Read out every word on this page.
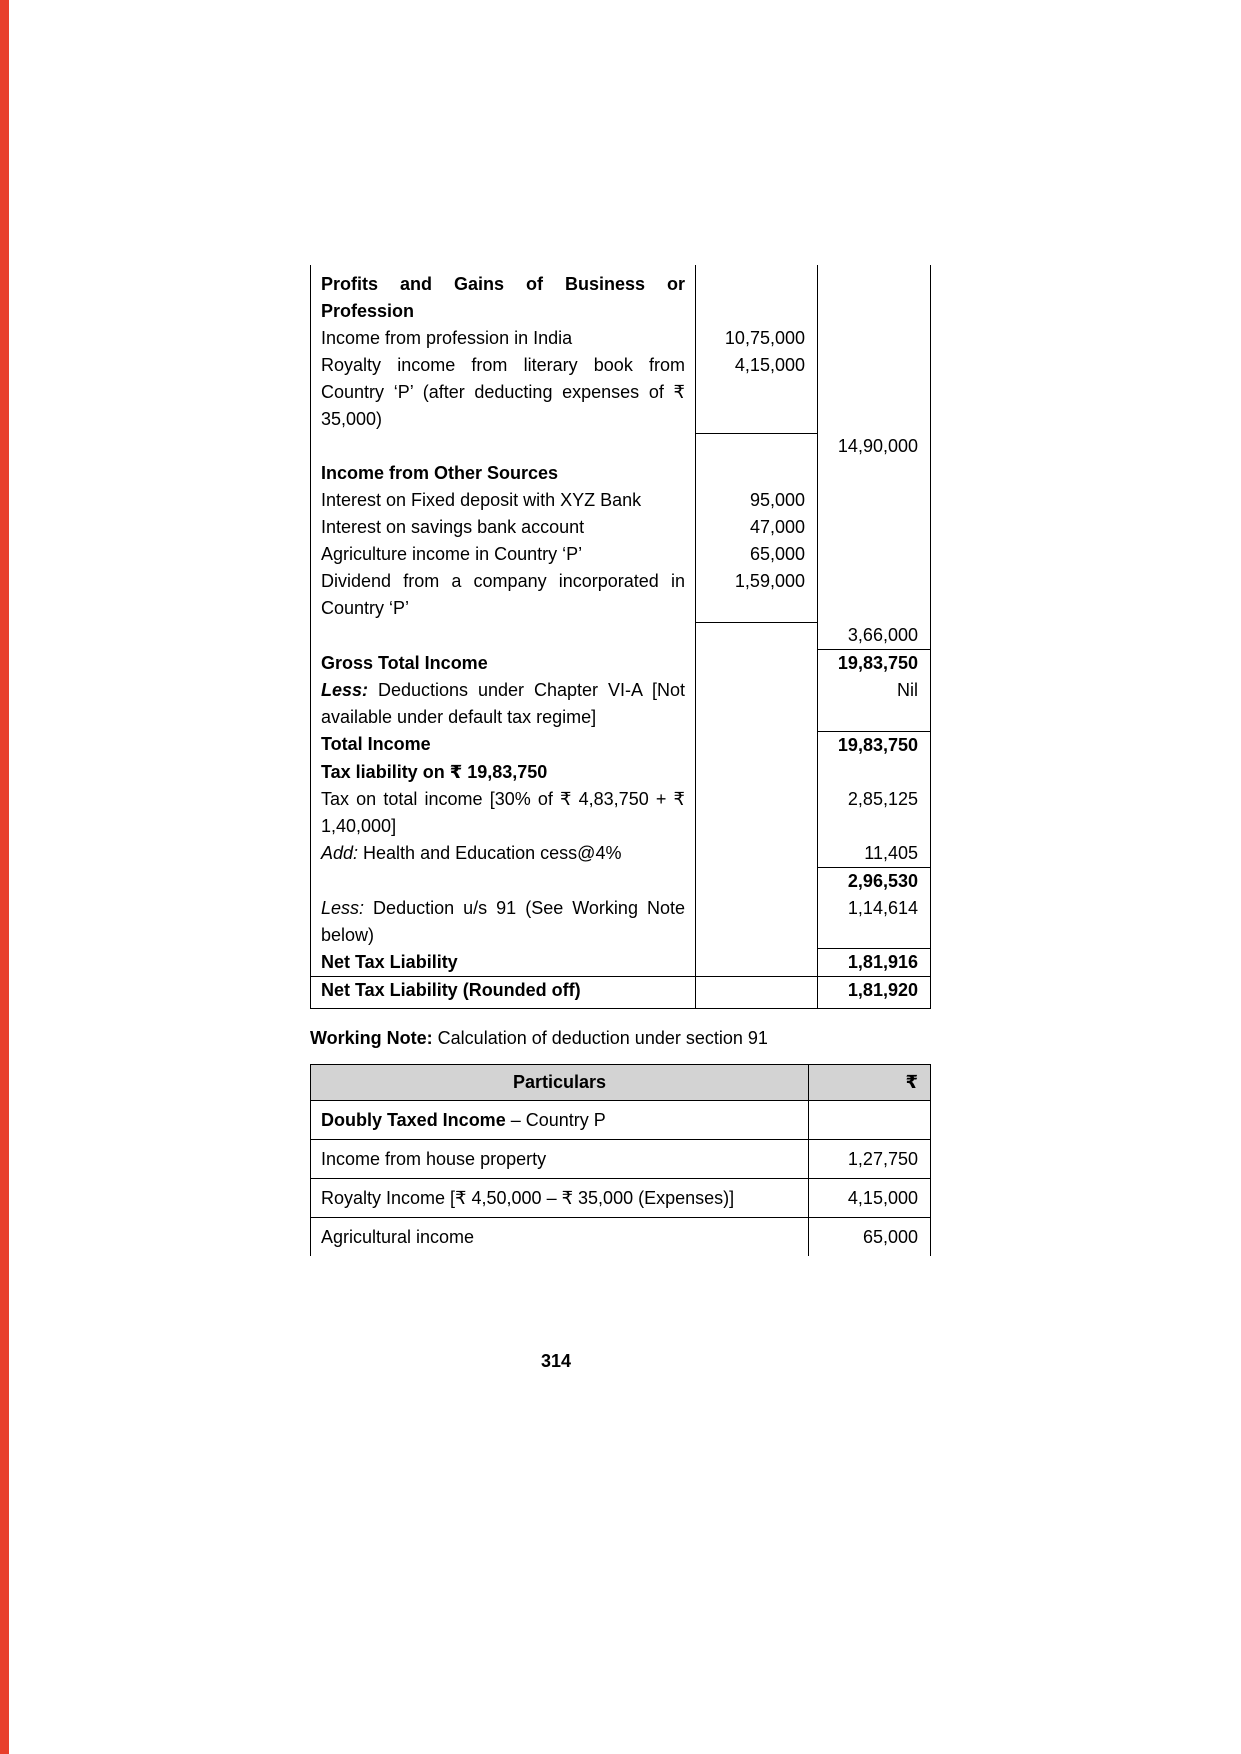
Profits and Gains of Business or Profession		
Income from profession in India	10,75,000	
Royalty income from literary book from Country ‘P’ (after deducting expenses of ₹ 35,000)	4,15,000	
		14,90,000
Income from Other Sources		
Interest on Fixed deposit with XYZ Bank	95,000	
Interest on savings bank account	47,000	
Agriculture income in Country ‘P’	65,000	
Dividend from a company incorporated in Country ‘P’	1,59,000	
		3,66,000
Gross Total Income		19,83,750
Less: Deductions under Chapter VI-A [Not available under default tax regime]		Nil
Total Income		19,83,750
Tax liability on ₹ 19,83,750		
Tax on total income [30% of ₹ 4,83,750 + ₹ 1,40,000]		2,85,125
Add: Health and Education cess@4%		11,405
		2,96,530
Less: Deduction u/s 91 (See Working Note below)		1,14,614
Net Tax Liability		1,81,916
Net Tax Liability (Rounded off)		1,81,920

Working Note: Calculation of deduction under section 91

Particulars	₹
Doubly Taxed Income – Country P	
Income from house property	1,27,750
Royalty Income [₹ 4,50,000 – ₹ 35,000 (Expenses)]	4,15,000
Agricultural income	65,000
314
